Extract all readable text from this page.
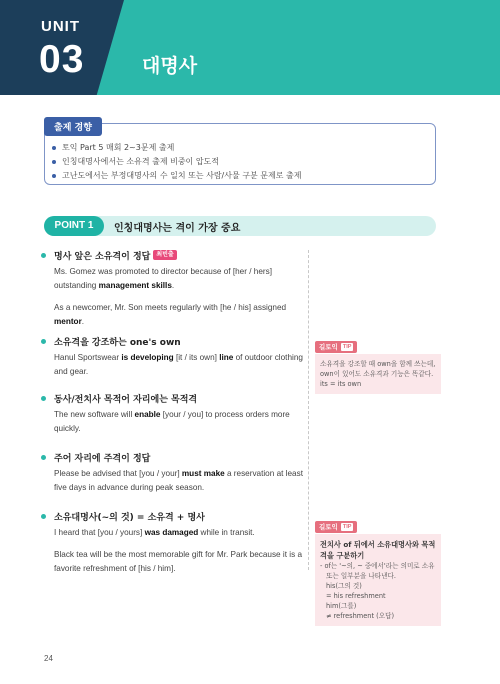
UNIT
03	대명사
출제 경향
토익 Part 5 매회 2~3문제 출제
인칭대명사에서는 소유격 출제 비중이 압도적
고난도에서는 부정대명사의 수 일치 또는 사람/사물 구분 문제로 출제
POINT 1	인칭대명사는 격이 가장 중요
명사 앞은 소유격이 정답	최빈출

Ms. Gomez was promoted to director because of [her / hers] outstanding management skills.

As a newcomer, Mr. Son meets regularly with [he / his] assigned mentor.

소유격을 강조하는 one's own

Hanul Sportswear is developing [it / its own] line of outdoor clothing and gear.

동사/전치사 목적어 자리에는 목적격

The new software will enable [your / you] to process orders more quickly.

주어 자리에 주격이 정답

Please be advised that [you / your] must make a reservation at least five days in advance during peak season.

소유대명사(~의 것) = 소유격 + 명사

I heard that [you / yours] was damaged while in transit.

Black tea will be the most memorable gift for Mr. Park because it is a favorite refreshment of [his / him].

길토익 TIP
소유격을 강조할 때 own을 함께 쓰는데,
own이 있어도 소유격과 기능은 똑같다.
its = its own
길토익 TIP
전치사 of 뒤에서 소유대명사와 목적격을 구분하기
- of는 '~의, ~ 중에서'라는 의미로 소유
또는 일부분을 나타낸다.
his(그의 것)
= his refreshment
him(그를)
≠ refreshment (오답)
24
